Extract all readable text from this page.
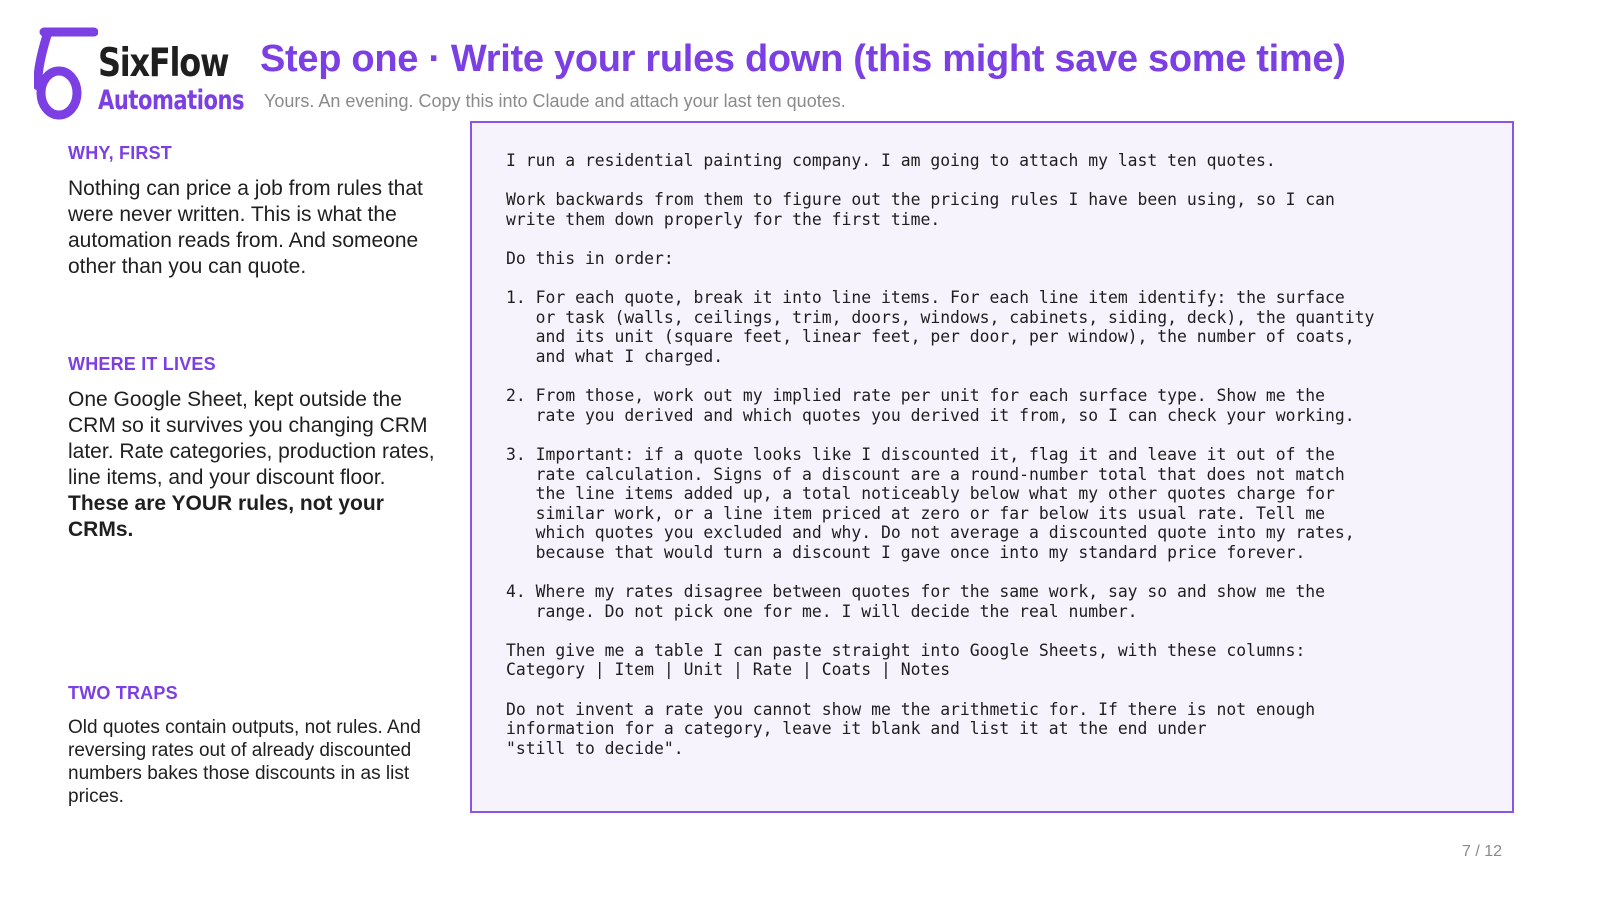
SixFlow
Automations
Step one · Write your rules down (this might save some time)

Yours. An evening. Copy this into Claude and attach your last ten quotes.

WHY, FIRST

Nothing can price a job from rules that were never written. This is what the automation reads from. And someone other than you can quote.

WHERE IT LIVES

One Google Sheet, kept outside the CRM so it survives you changing CRM later. Rate categories, production rates, line items, and your discount floor. These are YOUR rules, not your CRMs.

TWO TRAPS

Old quotes contain outputs, not rules. And reversing rates out of already discounted numbers bakes those discounts in as list prices.

I run a residential painting company. I am going to attach my last ten quotes.

Work backwards from them to figure out the pricing rules I have been using, so I can
write them down properly for the first time.

Do this in order:

1. For each quote, break it into line items. For each line item identify: the surface
or task (walls, ceilings, trim, doors, windows, cabinets, siding, deck), the quantity
and its unit (square feet, linear feet, per door, per window), the number of coats,
and what I charged.

2. From those, work out my implied rate per unit for each surface type. Show me the
rate you derived and which quotes you derived it from, so I can check your working.

3. Important: if a quote looks like I discounted it, flag it and leave it out of the
rate calculation. Signs of a discount are a round-number total that does not match
the line items added up, a total noticeably below what my other quotes charge for
similar work, or a line item priced at zero or far below its usual rate. Tell me
which quotes you excluded and why. Do not average a discounted quote into my rates,
because that would turn a discount I gave once into my standard price forever.

4. Where my rates disagree between quotes for the same work, say so and show me the
range. Do not pick one for me. I will decide the real number.

Then give me a table I can paste straight into Google Sheets, with these columns:
Category | Item | Unit | Rate | Coats | Notes

Do not invent a rate you cannot show me the arithmetic for. If there is not enough
information for a category, leave it blank and list it at the end under
"still to decide".
7 / 12
